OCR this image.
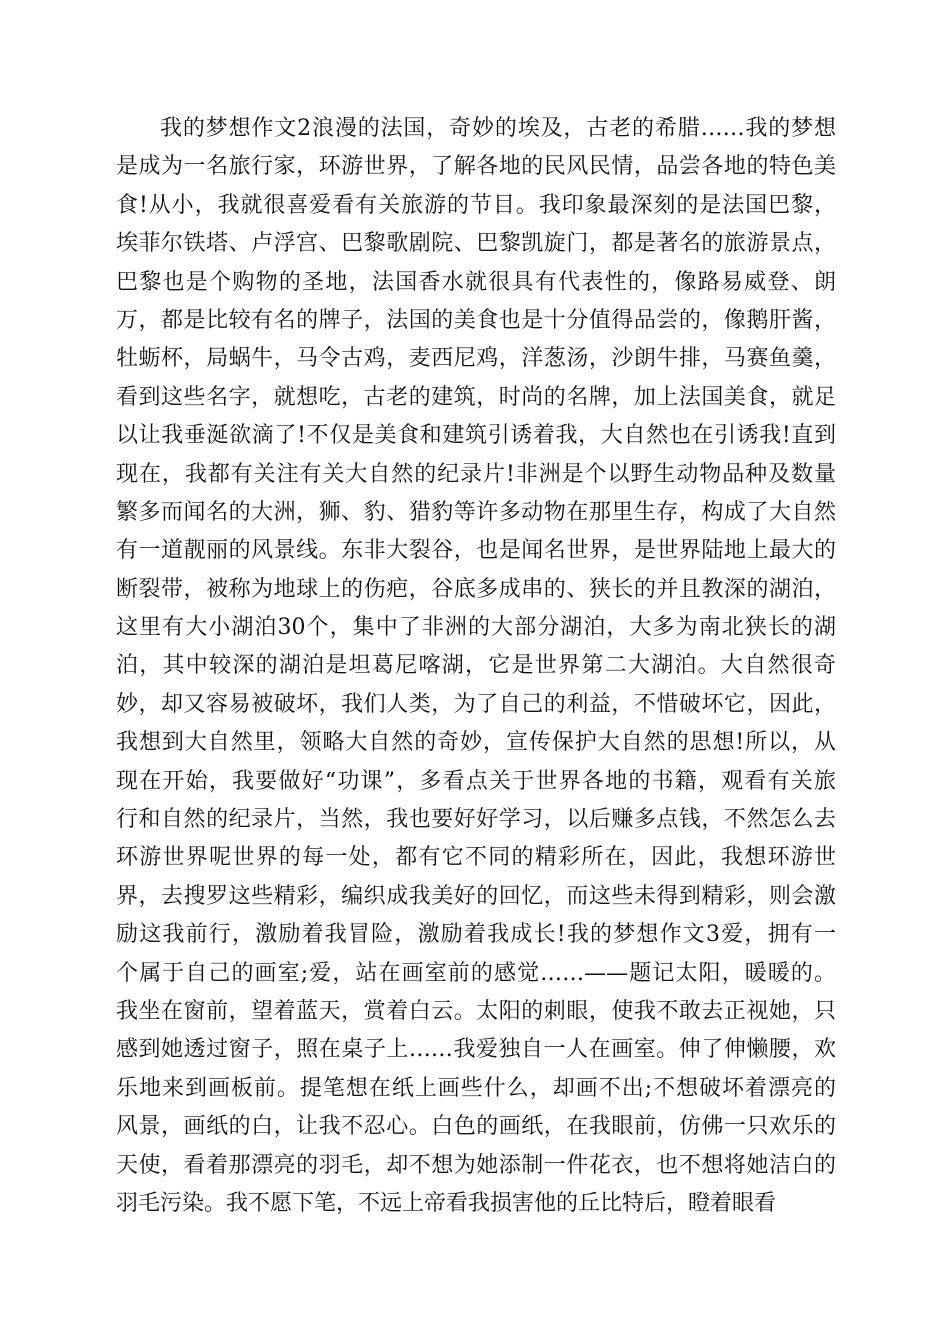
我的梦想作文2浪漫的法国，奇妙的埃及，古老的希腊……我的梦想
是成为一名旅行家，环游世界，了解各地的民风民情，品尝各地的特色美
食!从小，我就很喜爱看有关旅游的节目。我印象最深刻的是法国巴黎，
埃菲尔铁塔、卢浮宫、巴黎歌剧院、巴黎凯旋门，都是著名的旅游景点，
巴黎也是个购物的圣地，法国香水就很具有代表性的，像路易威登、朗
万，都是比较有名的牌子，法国的美食也是十分值得品尝的，像鹅肝酱，
牡蛎杯，局蜗牛，马令古鸡，麦西尼鸡，洋葱汤，沙朗牛排，马赛鱼羹，
看到这些名字，就想吃，古老的建筑，时尚的名牌，加上法国美食，就足
以让我垂涎欲滴了!不仅是美食和建筑引诱着我，大自然也在引诱我!直到
现在，我都有关注有关大自然的纪录片!非洲是个以野生动物品种及数量
繁多而闻名的大洲，狮、豹、猎豹等许多动物在那里生存，构成了大自然
有一道靓丽的风景线。东非大裂谷，也是闻名世界，是世界陆地上最大的
断裂带，被称为地球上的伤疤，谷底多成串的、狭长的并且教深的湖泊，
这里有大小湖泊30个，集中了非洲的大部分湖泊，大多为南北狭长的湖
泊，其中较深的湖泊是坦葛尼喀湖，它是世界第二大湖泊。大自然很奇
妙，却又容易被破坏，我们人类，为了自己的利益，不惜破坏它，因此，
我想到大自然里，领略大自然的奇妙，宣传保护大自然的思想!所以，从
现在开始，我要做好“功课”，多看点关于世界各地的书籍，观看有关旅
行和自然的纪录片，当然，我也要好好学习，以后赚多点钱，不然怎么去
环游世界呢世界的每一处，都有它不同的精彩所在，因此，我想环游世
界，去搜罗这些精彩，编织成我美好的回忆，而这些未得到精彩，则会激
励这我前行，激励着我冒险，激励着我成长!我的梦想作文3爱，拥有一
个属于自己的画室;爱，站在画室前的感觉……——题记太阳，暖暖的。
我坐在窗前，望着蓝天，赏着白云。太阳的刺眼，使我不敢去正视她，只
感到她透过窗子，照在桌子上……我爱独自一人在画室。伸了伸懒腰，欢
乐地来到画板前。提笔想在纸上画些什么，却画不出;不想破坏着漂亮的
风景，画纸的白，让我不忍心。白色的画纸，在我眼前，仿佛一只欢乐的
天使，看着那漂亮的羽毛，却不想为她添制一件花衣，也不想将她洁白的
羽毛污染。我不愿下笔，不远上帝看我损害他的丘比特后，瞪着眼看
